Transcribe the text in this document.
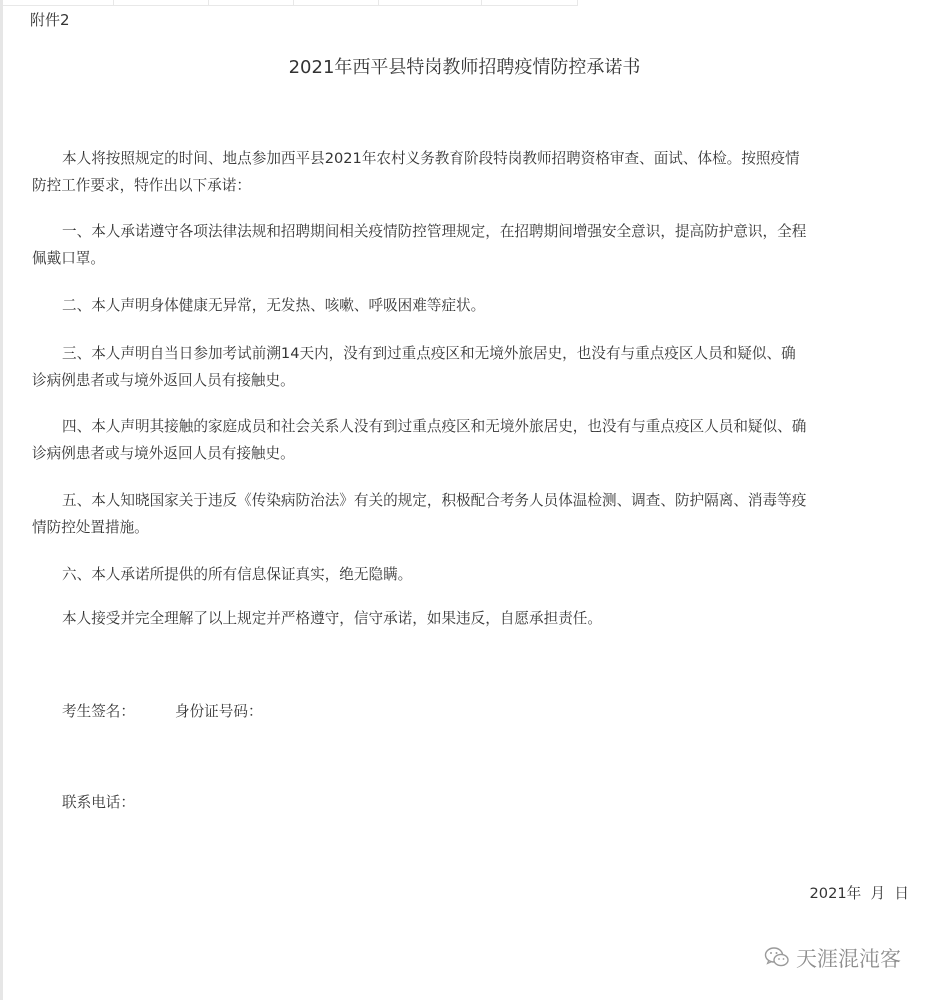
附件2

2021年西平县特岗教师招聘疫情防控承诺书

本人将按照规定的时间、地点参加西平县2021年农村义务教育阶段特岗教师招聘资格审查、面试、体检。按照疫情
防控工作要求，特作出以下承诺：

一、本人承诺遵守各项法律法规和招聘期间相关疫情防控管理规定，在招聘期间增强安全意识，提高防护意识，全程
佩戴口罩。

二、本人声明身体健康无异常，无发热、咳嗽、呼吸困难等症状。

三、本人声明自当日参加考试前溯14天内，没有到过重点疫区和无境外旅居史，也没有与重点疫区人员和疑似、确
诊病例患者或与境外返回人员有接触史。

四、本人声明其接触的家庭成员和社会关系人没有到过重点疫区和无境外旅居史，也没有与重点疫区人员和疑似、确
诊病例患者或与境外返回人员有接触史。

五、本人知晓国家关于违反《传染病防治法》有关的规定，积极配合考务人员体温检测、调查、防护隔离、消毒等疫
情防控处置措施。

六、本人承诺所提供的所有信息保证真实，绝无隐瞒。

本人接受并完全理解了以上规定并严格遵守，信守承诺，如果违反，自愿承担责任。

考生签名：	身份证号码：

联系电话：

2021年  月  日

天涯混沌客
